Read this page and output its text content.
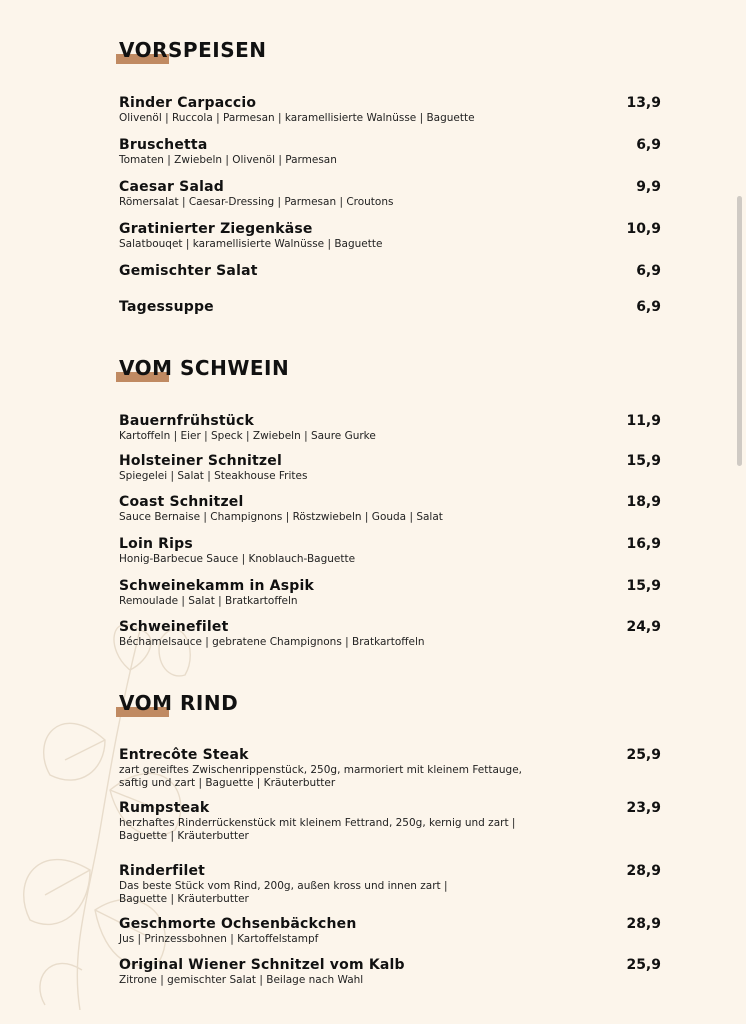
VORSPEISEN
Rinder Carpaccio
Olivenöl | Ruccola | Parmesan | karamellisierte Walnüsse | Baguette
13,9
Bruschetta
Tomaten | Zwiebeln | Olivenöl | Parmesan
6,9
Caesar Salad
Römersalat | Caesar-Dressing | Parmesan | Croutons
9,9
Gratinierter Ziegenkäse
Salatbouqet | karamellisierte Walnüsse | Baguette
10,9
Gemischter Salat	6,9
Tagessuppe	6,9
VOM SCHWEIN
Bauernfrühstück
Kartoffeln | Eier | Speck | Zwiebeln | Saure Gurke
11,9
Holsteiner Schnitzel
Spiegelei | Salat | Steakhouse Frites
15,9
Coast Schnitzel
Sauce Bernaise | Champignons | Röstzwiebeln | Gouda | Salat
18,9
Loin Rips
Honig-Barbecue Sauce | Knoblauch-Baguette
16,9
Schweinekamm in Aspik
Remoulade | Salat | Bratkartoffeln
15,9
Schweinefilet
Béchamelsauce | gebratene Champignons | Bratkartoffeln
24,9
VOM RIND
Entrecôte Steak
zart gereiftes Zwischenrippenstück, 250g, marmoriert mit kleinem Fettauge,
saftig und zart | Baguette | Kräuterbutter
25,9
Rumpsteak
herzhaftes Rinderrückenstück mit kleinem Fettrand, 250g, kernig und zart |
Baguette | Kräuterbutter
23,9
Rinderfilet
Das beste Stück vom Rind, 200g, außen kross und innen zart |
Baguette | Kräuterbutter
28,9
Geschmorte Ochsenbäckchen
Jus | Prinzessbohnen | Kartoffelstampf
28,9
Original Wiener Schnitzel vom Kalb
Zitrone | gemischter Salat | Beilage nach Wahl
25,9
